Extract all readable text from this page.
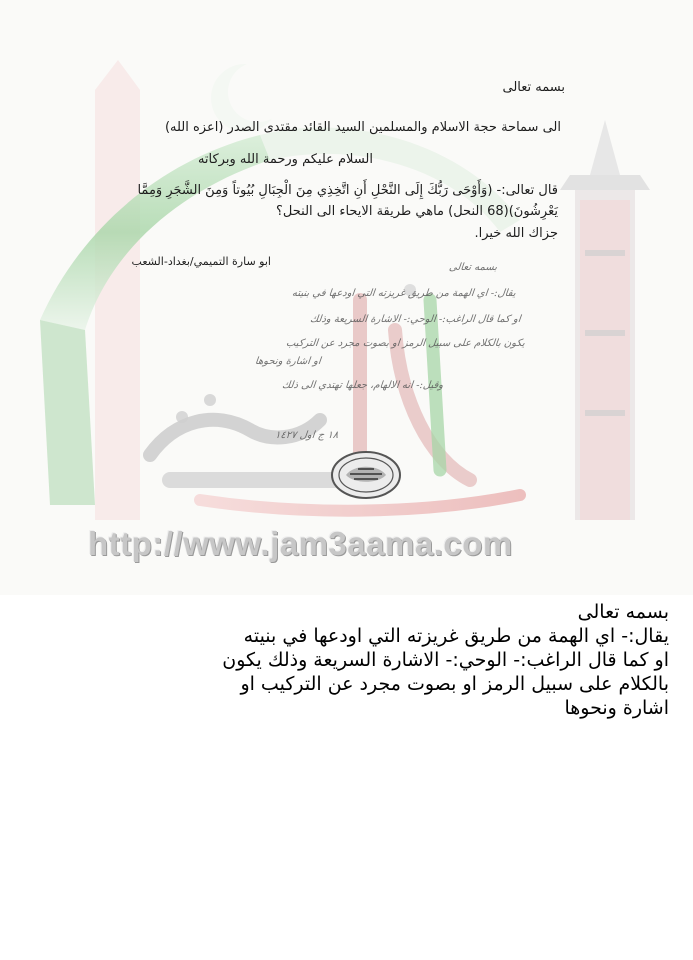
http://www.jam3aama.com
بسمه تعالى
الى سماحة حجة الاسلام والمسلمين السيد القائد مقتدى الصدر (اعزه الله)
السلام عليكم ورحمة الله وبركاته
قال تعالى:- (وَأَوْحَى رَبُّكَ إِلَى النَّحْلِ أَنِ اتَّخِذِي مِنَ الْجِبَالِ بُيُوتاً وَمِنَ الشَّجَرِ وَمِمَّا
يَعْرِشُونَ)(68 النحل) ماهي طريقة الايحاء الى النحل؟
جزاك الله خيرا.
ابو سارة التميمي/بغداد-الشعب	بسمه تعالى
يقال:- اي الهمة من طريق غريزته التي اودعها في بنيته
او كما قال الراغب:- الوحي:- الاشارة السريعة وذلك
يكون بالكلام على سبيل الرمز او بصوت مجرد عن التركيب
او اشارة ونحوها
وقيل:- انه الالهام، جعلها تهتدي الى ذلك
١٨ ج اول ١٤٢٧
بسمه تعالى
يقال:- اي الهمة من طريق غريزته التي اودعها في بنيته
او كما قال الراغب:- الوحي:- الاشارة السريعة وذلك يكون
بالكلام على سبيل الرمز او بصوت مجرد عن التركيب او
اشارة ونحوها
